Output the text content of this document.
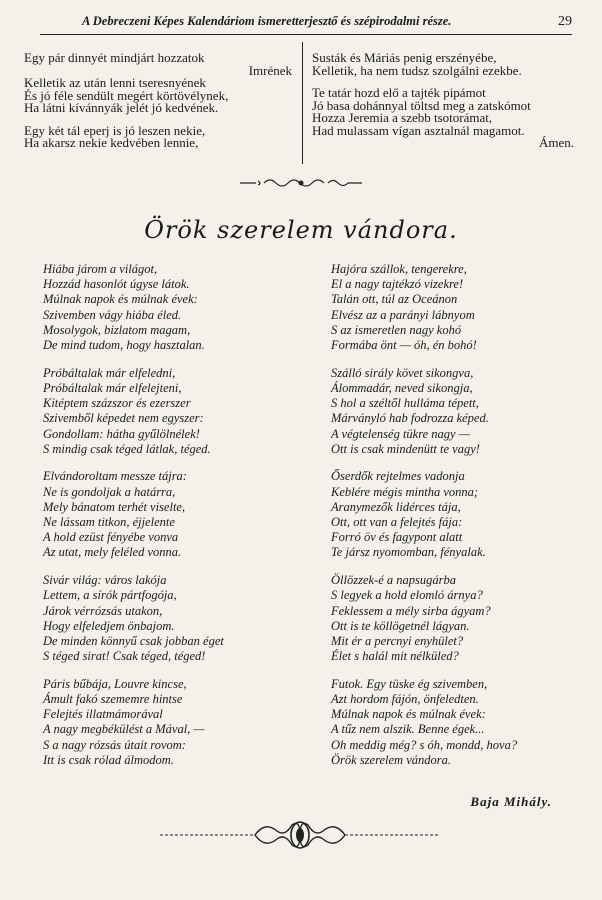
A Debreczeni Képes Kalendáriom ismeretterjesztő és szépirodalmi része.	29
Egy pár dinnyét mindjárt hozzatok
Imrének
Kelletik az után lenni tseresnyének
És jó féle sendült megért körtövélynek,
Ha látni kívánnyák jelét jó kedvének.
Egy két tál eperj is jó leszen nekie,
Ha akarsz nekie kedvében lennie,
Susták és Máriás penig erszényébe,
Kelletik, ha nem tudsz szolgálni ezekbe.
Te tatár hozd elő a tajték pipámot
Jó basa dohánnyal töltsd meg a zatskómot
Hozza Jeremia a szebb tsotorámat,
Had mulassam vígan asztalnál magamot.
Ámen.
Örök szerelem vándora.
Hiába járom a világot,
Hozzád hasonlót úgyse látok.
Múlnak napok és múlnak évek:
Szivemben vágy hiába éled.
Mosolygok, bizlatom magam,
De mind tudom, hogy hasztalan.
Próbáltalak már elfeledni,
Próbáltalak már elfelejteni,
Kitéptem százszor és ezerszer
Szivemből képedet nem egyszer:
Gondollam: hátha gyűlölnélek!
S mindig csak téged látlak, téged.
Elvándoroltam messze tájra:
Ne is gondoljak a határra,
Mely bánatom terhét viselte,
Ne lássam titkon, éjjelente
A hold ezüst fényébe vonva
Az utat, mely feléled vonna.
Sivár világ: város lakója
Lettem, a sírók pártfogója,
Járok vérrózsás utakon,
Hogy elfeledjem önbajom.
De minden könnyű csak jobban éget
S téged sirat! Csak téged, téged!
Páris bűbája, Louvre kincse,
Ámult fakó szememre hintse
Felejtés illatmámorával
A nagy megbékülést a Mával, —
S a nagy rózsás útait rovom:
Itt is csak rólad álmodom.
Hajóra szállok, tengerekre,
El a nagy tajtékzó vizekre!
Talán ott, túl az Oceánon
Elvész az a parányi lábnyom
S az ismeretlen nagy kohó
Formába önt — óh, én bohó!
Szálló sirály követ sikongva,
Álommadár, neved sikongja,
S hol a széltől hulláma tépett,
Márványló hab fodrozza képed.
A végtelenség tükre nagy —
Ott is csak mindenütt te vagy!
Őserdők rejtelmes vadonja
Keblére mégis mintha vonna;
Aranymezők lidérces tája,
Ott, ott van a felejtés fája:
Forró öv és fagypont alatt
Te jársz nyomomban, fényalak.
Öllözzek-é a napsugárba
S legyek a hold elomló árnya?
Feklessem a mély sirba ágyam?
Ott is te köllögetnél lágyan.
Mit ér a percnyi enyhület?
Élet s halál mit nélküled?
Futok. Egy tüske ég szivemben,
Azt hordom fájón, önfeledten.
Múlnak napok és múlnak évek:
A tűz nem alszik. Benne égek...
Oh meddig még? s óh, mondd, hova?
Örök szerelem vándora.
Baja Mihály.
